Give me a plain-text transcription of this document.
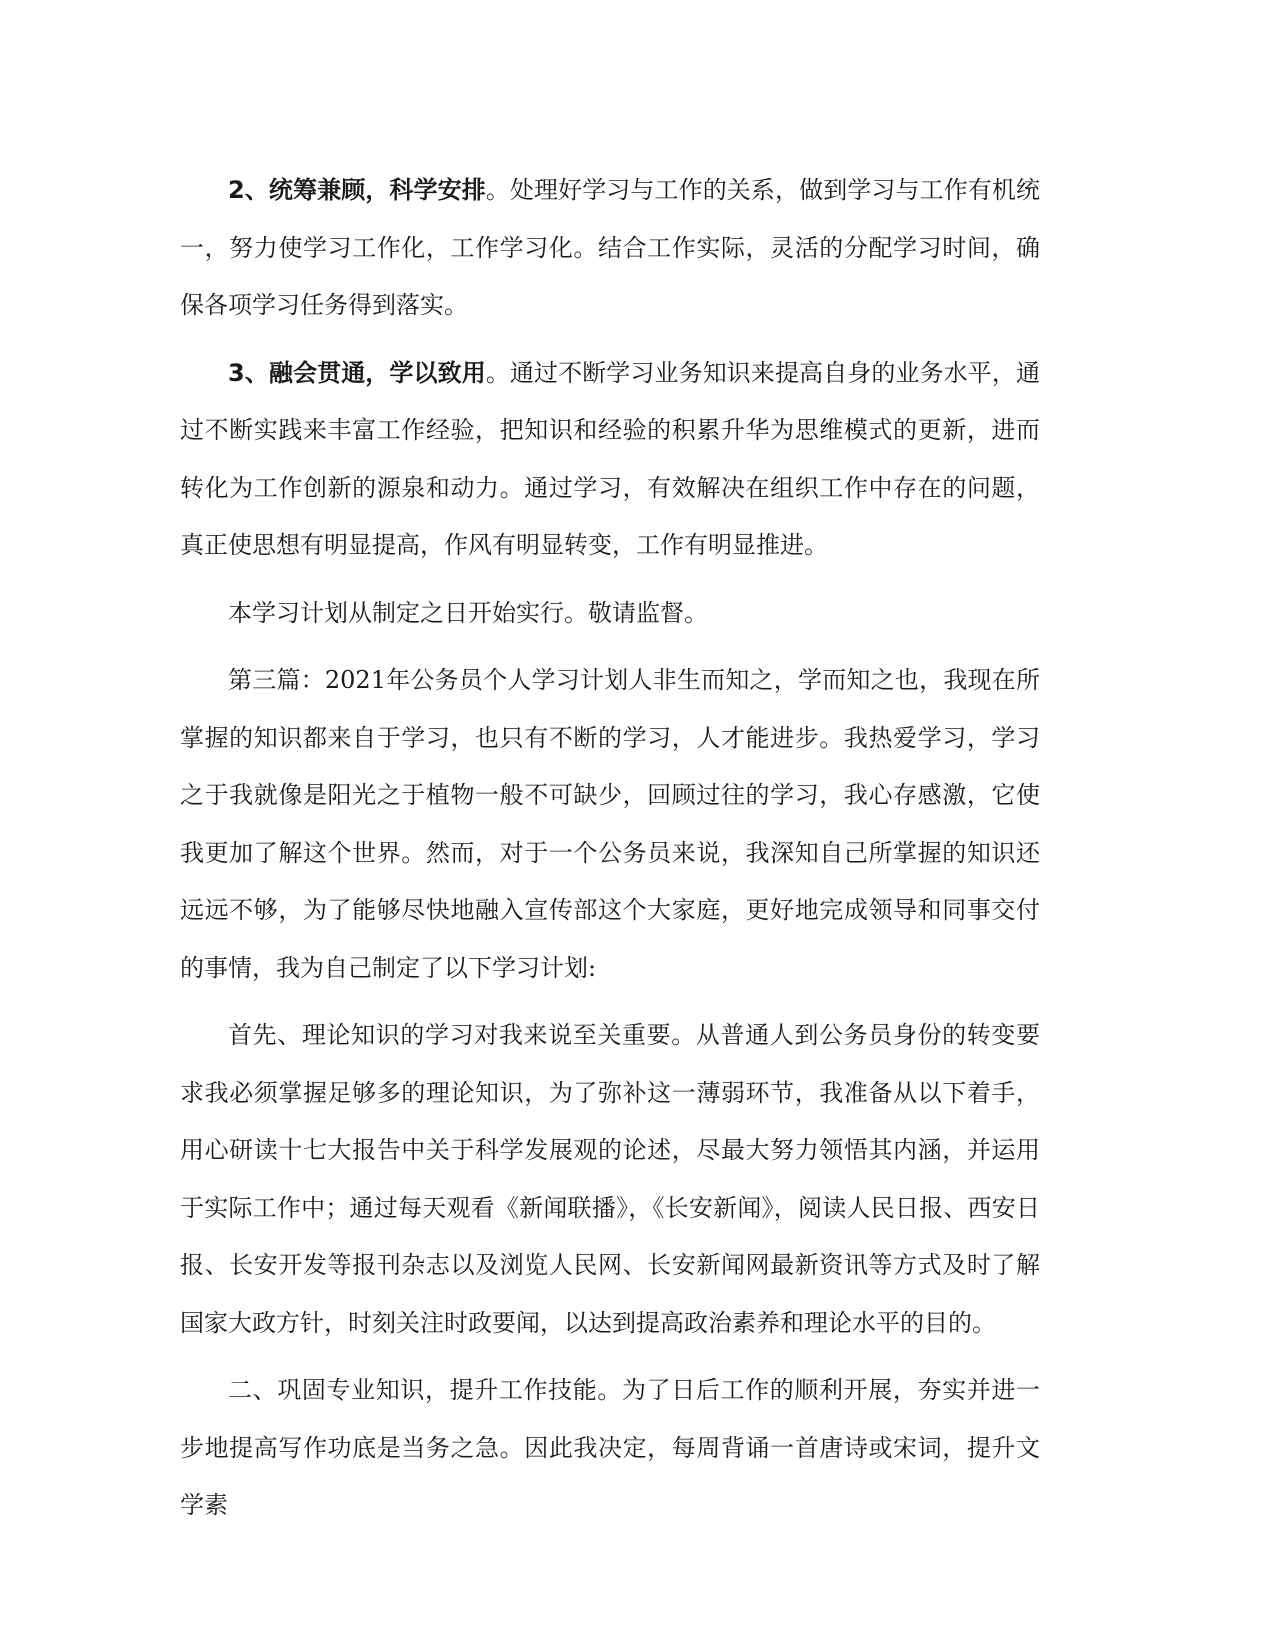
2、统筹兼顾，科学安排。处理好学习与工作的关系，做到学习与工作有机统一，努力使学习工作化，工作学习化。结合工作实际，灵活的分配学习时间，确保各项学习任务得到落实。

3、融会贯通，学以致用。通过不断学习业务知识来提高自身的业务水平，通过不断实践来丰富工作经验，把知识和经验的积累升华为思维模式的更新，进而转化为工作创新的源泉和动力。通过学习，有效解决在组织工作中存在的问题，真正使思想有明显提高，作风有明显转变，工作有明显推进。

本学习计划从制定之日开始实行。敬请监督。

第三篇：2021年公务员个人学习计划人非生而知之，学而知之也，我现在所掌握的知识都来自于学习，也只有不断的学习，人才能进步。我热爱学习，学习之于我就像是阳光之于植物一般不可缺少，回顾过往的学习，我心存感激，它使我更加了解这个世界。然而，对于一个公务员来说，我深知自己所掌握的知识还远远不够，为了能够尽快地融入宣传部这个大家庭，更好地完成领导和同事交付的事情，我为自己制定了以下学习计划:

首先、理论知识的学习对我来说至关重要。从普通人到公务员身份的转变要求我必须掌握足够多的理论知识，为了弥补这一薄弱环节，我准备从以下着手，用心研读十七大报告中关于科学发展观的论述，尽最大努力领悟其内涵，并运用于实际工作中；通过每天观看《新闻联播》，《长安新闻》，阅读人民日报、西安日报、长安开发等报刊杂志以及浏览人民网、长安新闻网最新资讯等方式及时了解国家大政方针，时刻关注时政要闻，以达到提高政治素养和理论水平的目的。

二、巩固专业知识，提升工作技能。为了日后工作的顺利开展，夯实并进一步地提高写作功底是当务之急。因此我决定，每周背诵一首唐诗或宋词，提升文学素
